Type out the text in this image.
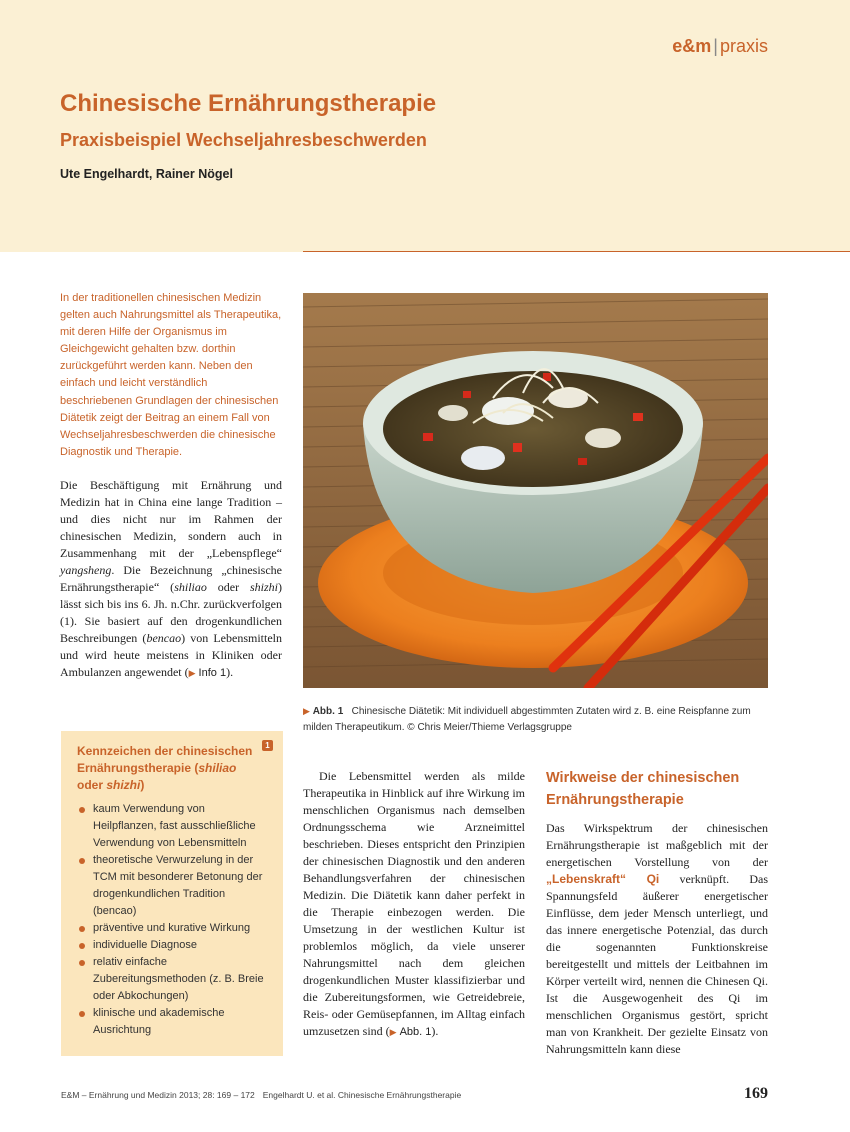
e&m | praxis
Chinesische Ernährungstherapie
Praxisbeispiel Wechseljahresbeschwerden
Ute Engelhardt, Rainer Nögel

In der traditionellen chinesischen Medizin gelten auch Nahrungsmittel als Therapeutika, mit deren Hilfe der Organismus im Gleichgewicht gehalten bzw. dorthin zurückgeführt werden kann. Neben den einfach und leicht verständlich beschriebenen Grundlagen der chinesischen Diätetik zeigt der Beitrag an einem Fall von Wechseljahresbeschwerden die chinesische Diagnostik und Therapie.

Die Beschäftigung mit Ernährung und Medizin hat in China eine lange Tradition – und dies nicht nur im Rahmen der chinesischen Medizin, sondern auch in Zusammenhang mit der „Lebenspflege“ yangsheng. Die Bezeichnung „chinesische Ernährungstherapie“ (shiliao oder shizhi) lässt sich bis ins 6. Jh. n.Chr. zurückverfolgen (1). Sie basiert auf den drogenkundlichen Beschreibungen (bencao) von Lebensmitteln und wird heute meistens in Kliniken oder Ambulanzen angewendet (▶ Info 1).

▶ Abb. 1 Chinesische Diätetik: Mit individuell abgestimmten Zutaten wird z. B. eine Reispfanne zum milden Therapeutikum. © Chris Meier/Thieme Verlagsgruppe
1

Kennzeichen der chinesischen Ernährungstherapie (shiliao oder shizhi)

kaum Verwendung von Heilpflanzen, fast ausschließliche Verwendung von Lebensmitteln
theoretische Verwurzelung in der TCM mit besonderer Betonung der drogenkundlichen Tradition (bencao)
präventive und kurative Wirkung
individuelle Diagnose
relativ einfache Zubereitungsmethoden (z. B. Breie oder Abkochungen)
klinische und akademische Ausrichtung

Die Lebensmittel werden als milde Therapeutika in Hinblick auf ihre Wirkung im menschlichen Organismus nach demselben Ordnungsschema wie Arzneimittel beschrieben. Dieses entspricht den Prinzipien der chinesischen Diagnostik und den anderen Behandlungsverfahren der chinesischen Medizin. Die Diätetik kann daher perfekt in die Therapie einbezogen werden. Die Umsetzung in der westlichen Kultur ist problemlos möglich, da viele unserer Nahrungsmittel nach dem gleichen drogenkundlichen Muster klassifizierbar und die Zubereitungsformen, wie Getreidebreie, Reis- oder Gemüsepfannen, im Alltag einfach umzusetzen sind (▶ Abb. 1).

Wirkweise der chinesischen Ernährungstherapie

Das Wirkspektrum der chinesischen Ernährungstherapie ist maßgeblich mit der energetischen Vorstellung von der „Lebenskraft“ Qi verknüpft. Das Spannungsfeld äußerer energetischer Einflüsse, dem jeder Mensch unterliegt, und das innere energetische Potenzial, das durch die sogenannten Funktionskreise bereitgestellt und mittels der Leitbahnen im Körper verteilt wird, nennen die Chinesen Qi. Ist die Ausgewogenheit des Qi im menschlichen Organismus gestört, spricht man von Krankheit. Der gezielte Einsatz von Nahrungsmitteln kann diese

E&M – Ernährung und Medizin 2013; 28: 169 – 172 Engelhardt U. et al. Chinesische Ernährungstherapie	169
